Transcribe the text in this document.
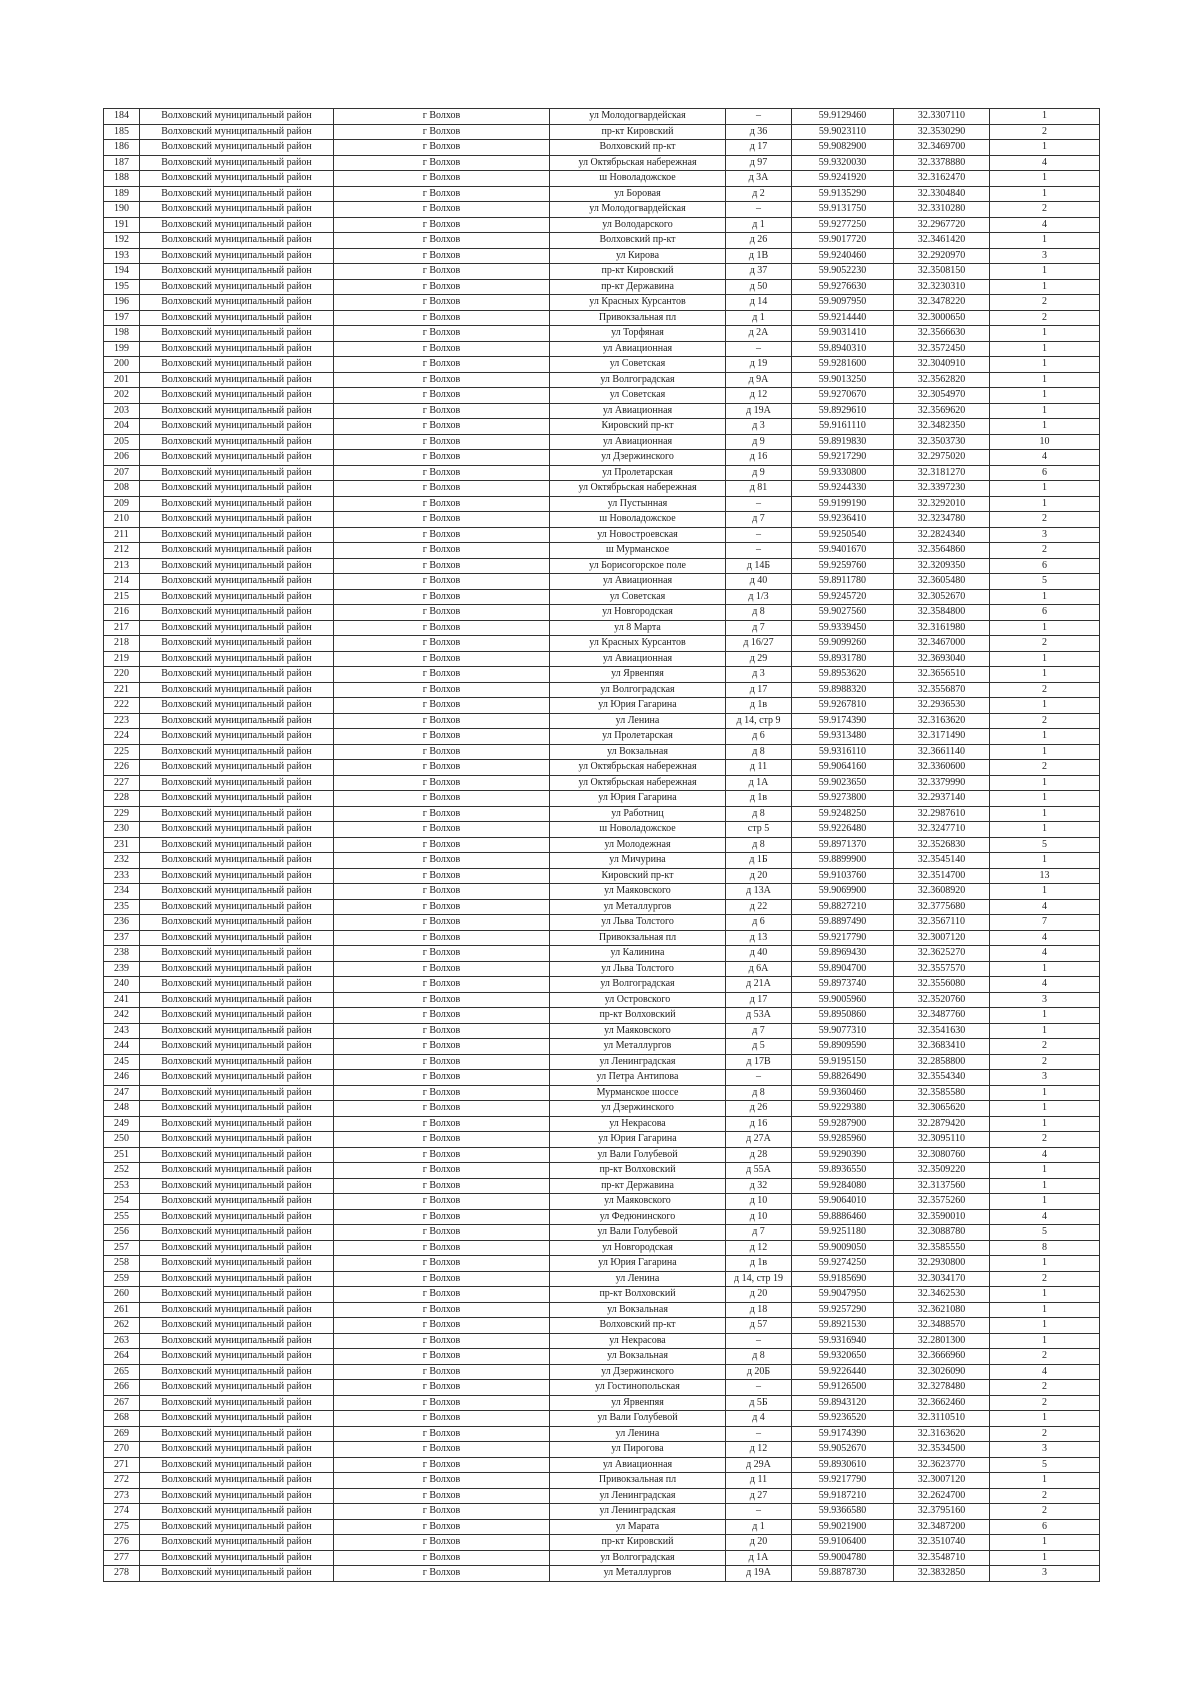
184	Волховский муниципальный район	г Волхов	ул Молодогвардейская	–	59.9129460	32.3307110	1
185	Волховский муниципальный район	г Волхов	пр-кт Кировский	д 36	59.9023110	32.3530290	2
186	Волховский муниципальный район	г Волхов	Волховский пр-кт	д 17	59.9082900	32.3469700	1
187	Волховский муниципальный район	г Волхов	ул Октябрьская набережная	д 97	59.9320030	32.3378880	4
188	Волховский муниципальный район	г Волхов	ш Новоладожское	д 3А	59.9241920	32.3162470	1
189	Волховский муниципальный район	г Волхов	ул Боровая	д 2	59.9135290	32.3304840	1
190	Волховский муниципальный район	г Волхов	ул Молодогвардейская	–	59.9131750	32.3310280	2
191	Волховский муниципальный район	г Волхов	ул Володарского	д 1	59.9277250	32.2967720	4
192	Волховский муниципальный район	г Волхов	Волховский пр-кт	д 26	59.9017720	32.3461420	1
193	Волховский муниципальный район	г Волхов	ул Кирова	д 1В	59.9240460	32.2920970	3
194	Волховский муниципальный район	г Волхов	пр-кт Кировский	д 37	59.9052230	32.3508150	1
195	Волховский муниципальный район	г Волхов	пр-кт Державина	д 50	59.9276630	32.3230310	1
196	Волховский муниципальный район	г Волхов	ул Красных Курсантов	д 14	59.9097950	32.3478220	2
197	Волховский муниципальный район	г Волхов	Привокзальная пл	д 1	59.9214440	32.3000650	2
198	Волховский муниципальный район	г Волхов	ул Торфяная	д 2А	59.9031410	32.3566630	1
199	Волховский муниципальный район	г Волхов	ул Авиационная	–	59.8940310	32.3572450	1
200	Волховский муниципальный район	г Волхов	ул Советская	д 19	59.9281600	32.3040910	1
201	Волховский муниципальный район	г Волхов	ул Волгоградская	д 9А	59.9013250	32.3562820	1
202	Волховский муниципальный район	г Волхов	ул Советская	д 12	59.9270670	32.3054970	1
203	Волховский муниципальный район	г Волхов	ул Авиационная	д 19А	59.8929610	32.3569620	1
204	Волховский муниципальный район	г Волхов	Кировский пр-кт	д 3	59.9161110	32.3482350	1
205	Волховский муниципальный район	г Волхов	ул Авиационная	д 9	59.8919830	32.3503730	10
206	Волховский муниципальный район	г Волхов	ул Дзержинского	д 16	59.9217290	32.2975020	4
207	Волховский муниципальный район	г Волхов	ул Пролетарская	д 9	59.9330800	32.3181270	6
208	Волховский муниципальный район	г Волхов	ул Октябрьская набережная	д 81	59.9244330	32.3397230	1
209	Волховский муниципальный район	г Волхов	ул Пустынная	–	59.9199190	32.3292010	1
210	Волховский муниципальный район	г Волхов	ш Новоладожское	д 7	59.9236410	32.3234780	2
211	Волховский муниципальный район	г Волхов	ул Новостроевская	–	59.9250540	32.2824340	3
212	Волховский муниципальный район	г Волхов	ш Мурманское	–	59.9401670	32.3564860	2
213	Волховский муниципальный район	г Волхов	ул Борисогорское поле	д 14Б	59.9259760	32.3209350	6
214	Волховский муниципальный район	г Волхов	ул Авиационная	д 40	59.8911780	32.3605480	5
215	Волховский муниципальный район	г Волхов	ул Советская	д 1/3	59.9245720	32.3052670	1
216	Волховский муниципальный район	г Волхов	ул Новгородская	д 8	59.9027560	32.3584800	6
217	Волховский муниципальный район	г Волхов	ул 8 Марта	д 7	59.9339450	32.3161980	1
218	Волховский муниципальный район	г Волхов	ул Красных Курсантов	д 16/27	59.9099260	32.3467000	2
219	Волховский муниципальный район	г Волхов	ул Авиационная	д 29	59.8931780	32.3693040	1
220	Волховский муниципальный район	г Волхов	ул Ярвенпяя	д 3	59.8953620	32.3656510	1
221	Волховский муниципальный район	г Волхов	ул Волгоградская	д 17	59.8988320	32.3556870	2
222	Волховский муниципальный район	г Волхов	ул Юрия Гагарина	д 1в	59.9267810	32.2936530	1
223	Волховский муниципальный район	г Волхов	ул Ленина	д 14, стр 9	59.9174390	32.3163620	2
224	Волховский муниципальный район	г Волхов	ул Пролетарская	д 6	59.9313480	32.3171490	1
225	Волховский муниципальный район	г Волхов	ул Вокзальная	д 8	59.9316110	32.3661140	1
226	Волховский муниципальный район	г Волхов	ул Октябрьская набережная	д 11	59.9064160	32.3360600	2
227	Волховский муниципальный район	г Волхов	ул Октябрьская набережная	д 1А	59.9023650	32.3379990	1
228	Волховский муниципальный район	г Волхов	ул Юрия Гагарина	д 1в	59.9273800	32.2937140	1
229	Волховский муниципальный район	г Волхов	ул Работниц	д 8	59.9248250	32.2987610	1
230	Волховский муниципальный район	г Волхов	ш Новоладожское	стр 5	59.9226480	32.3247710	1
231	Волховский муниципальный район	г Волхов	ул Молодежная	д 8	59.8971370	32.3526830	5
232	Волховский муниципальный район	г Волхов	ул Мичурина	д 1Б	59.8899900	32.3545140	1
233	Волховский муниципальный район	г Волхов	Кировский пр-кт	д 20	59.9103760	32.3514700	13
234	Волховский муниципальный район	г Волхов	ул Маяковского	д 13А	59.9069900	32.3608920	1
235	Волховский муниципальный район	г Волхов	ул Металлургов	д 22	59.8827210	32.3775680	4
236	Волховский муниципальный район	г Волхов	ул Льва Толстого	д 6	59.8897490	32.3567110	7
237	Волховский муниципальный район	г Волхов	Привокзальная пл	д 13	59.9217790	32.3007120	4
238	Волховский муниципальный район	г Волхов	ул Калинина	д 40	59.8969430	32.3625270	4
239	Волховский муниципальный район	г Волхов	ул Льва Толстого	д 6А	59.8904700	32.3557570	1
240	Волховский муниципальный район	г Волхов	ул Волгоградская	д 21А	59.8973740	32.3556080	4
241	Волховский муниципальный район	г Волхов	ул Островского	д 17	59.9005960	32.3520760	3
242	Волховский муниципальный район	г Волхов	пр-кт Волховский	д 53А	59.8950860	32.3487760	1
243	Волховский муниципальный район	г Волхов	ул Маяковского	д 7	59.9077310	32.3541630	1
244	Волховский муниципальный район	г Волхов	ул Металлургов	д 5	59.8909590	32.3683410	2
245	Волховский муниципальный район	г Волхов	ул Ленинградская	д 17В	59.9195150	32.2858800	2
246	Волховский муниципальный район	г Волхов	ул Петра Антипова	–	59.8826490	32.3554340	3
247	Волховский муниципальный район	г Волхов	Мурманское шоссе	д 8	59.9360460	32.3585580	1
248	Волховский муниципальный район	г Волхов	ул Дзержинского	д 26	59.9229380	32.3065620	1
249	Волховский муниципальный район	г Волхов	ул Некрасова	д 16	59.9287900	32.2879420	1
250	Волховский муниципальный район	г Волхов	ул Юрия Гагарина	д 27А	59.9285960	32.3095110	2
251	Волховский муниципальный район	г Волхов	ул Вали Голубевой	д 28	59.9290390	32.3080760	4
252	Волховский муниципальный район	г Волхов	пр-кт Волховский	д 55А	59.8936550	32.3509220	1
253	Волховский муниципальный район	г Волхов	пр-кт Державина	д 32	59.9284080	32.3137560	1
254	Волховский муниципальный район	г Волхов	ул Маяковского	д 10	59.9064010	32.3575260	1
255	Волховский муниципальный район	г Волхов	ул Федюнинского	д 10	59.8886460	32.3590010	4
256	Волховский муниципальный район	г Волхов	ул Вали Голубевой	д 7	59.9251180	32.3088780	5
257	Волховский муниципальный район	г Волхов	ул Новгородская	д 12	59.9009050	32.3585550	8
258	Волховский муниципальный район	г Волхов	ул Юрия Гагарина	д 1в	59.9274250	32.2930800	1
259	Волховский муниципальный район	г Волхов	ул Ленина	д 14, стр 19	59.9185690	32.3034170	2
260	Волховский муниципальный район	г Волхов	пр-кт Волховский	д 20	59.9047950	32.3462530	1
261	Волховский муниципальный район	г Волхов	ул Вокзальная	д 18	59.9257290	32.3621080	1
262	Волховский муниципальный район	г Волхов	Волховский пр-кт	д 57	59.8921530	32.3488570	1
263	Волховский муниципальный район	г Волхов	ул Некрасова	–	59.9316940	32.2801300	1
264	Волховский муниципальный район	г Волхов	ул Вокзальная	д 8	59.9320650	32.3666960	2
265	Волховский муниципальный район	г Волхов	ул Дзержинского	д 20Б	59.9226440	32.3026090	4
266	Волховский муниципальный район	г Волхов	ул Гостинопольская	–	59.9126500	32.3278480	2
267	Волховский муниципальный район	г Волхов	ул Ярвенпяя	д 5Б	59.8943120	32.3662460	2
268	Волховский муниципальный район	г Волхов	ул Вали Голубевой	д 4	59.9236520	32.3110510	1
269	Волховский муниципальный район	г Волхов	ул Ленина	–	59.9174390	32.3163620	2
270	Волховский муниципальный район	г Волхов	ул Пирогова	д 12	59.9052670	32.3534500	3
271	Волховский муниципальный район	г Волхов	ул Авиационная	д 29А	59.8930610	32.3623770	5
272	Волховский муниципальный район	г Волхов	Привокзальная пл	д 11	59.9217790	32.3007120	1
273	Волховский муниципальный район	г Волхов	ул Ленинградская	д 27	59.9187210	32.2624700	2
274	Волховский муниципальный район	г Волхов	ул Ленинградская	–	59.9366580	32.3795160	2
275	Волховский муниципальный район	г Волхов	ул Марата	д 1	59.9021900	32.3487200	6
276	Волховский муниципальный район	г Волхов	пр-кт Кировский	д 20	59.9106400	32.3510740	1
277	Волховский муниципальный район	г Волхов	ул Волгоградская	д 1А	59.9004780	32.3548710	1
278	Волховский муниципальный район	г Волхов	ул Металлургов	д 19А	59.8878730	32.3832850	3
